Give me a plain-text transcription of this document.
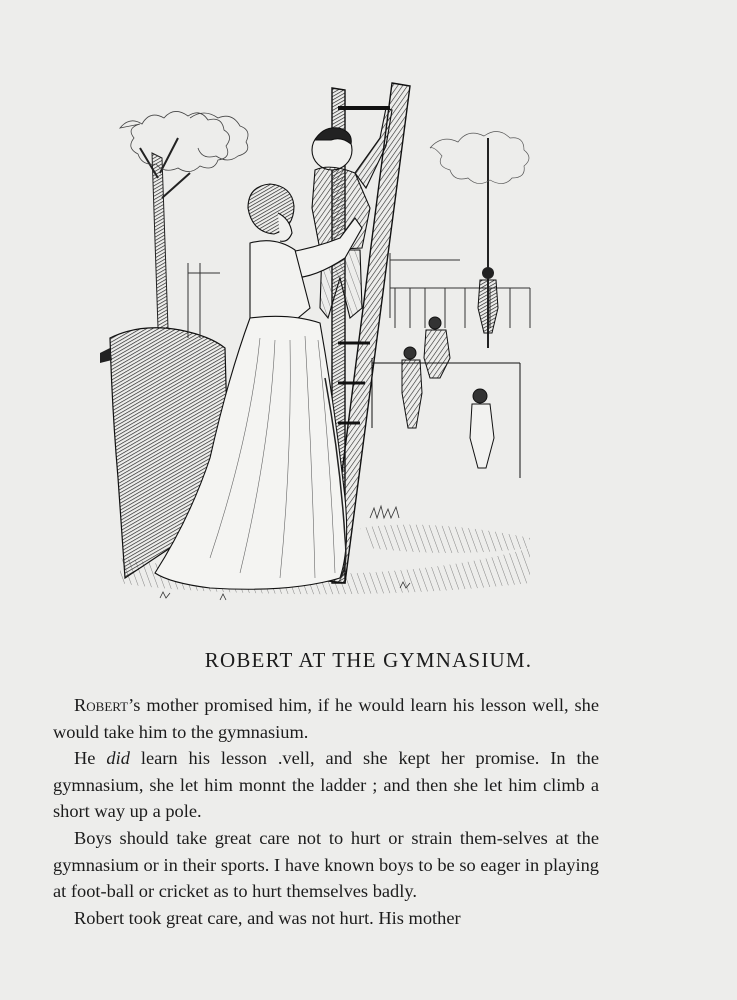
ROBERT AT THE GYMNASIUM.

Robert’s mother promised him, if he would learn his lesson well, she would take him to the gymnasium.

He did learn his lesson .vell, and she kept her promise. In the gymnasium, she let him monnt the ladder ; and then she let him climb a short way up a pole.

Boys should take great care not to hurt or strain them-selves at the gymnasium or in their sports. I have known boys to be so eager in playing at foot-ball or cricket as to hurt themselves badly.

Robert took great care, and was not hurt. His mother
